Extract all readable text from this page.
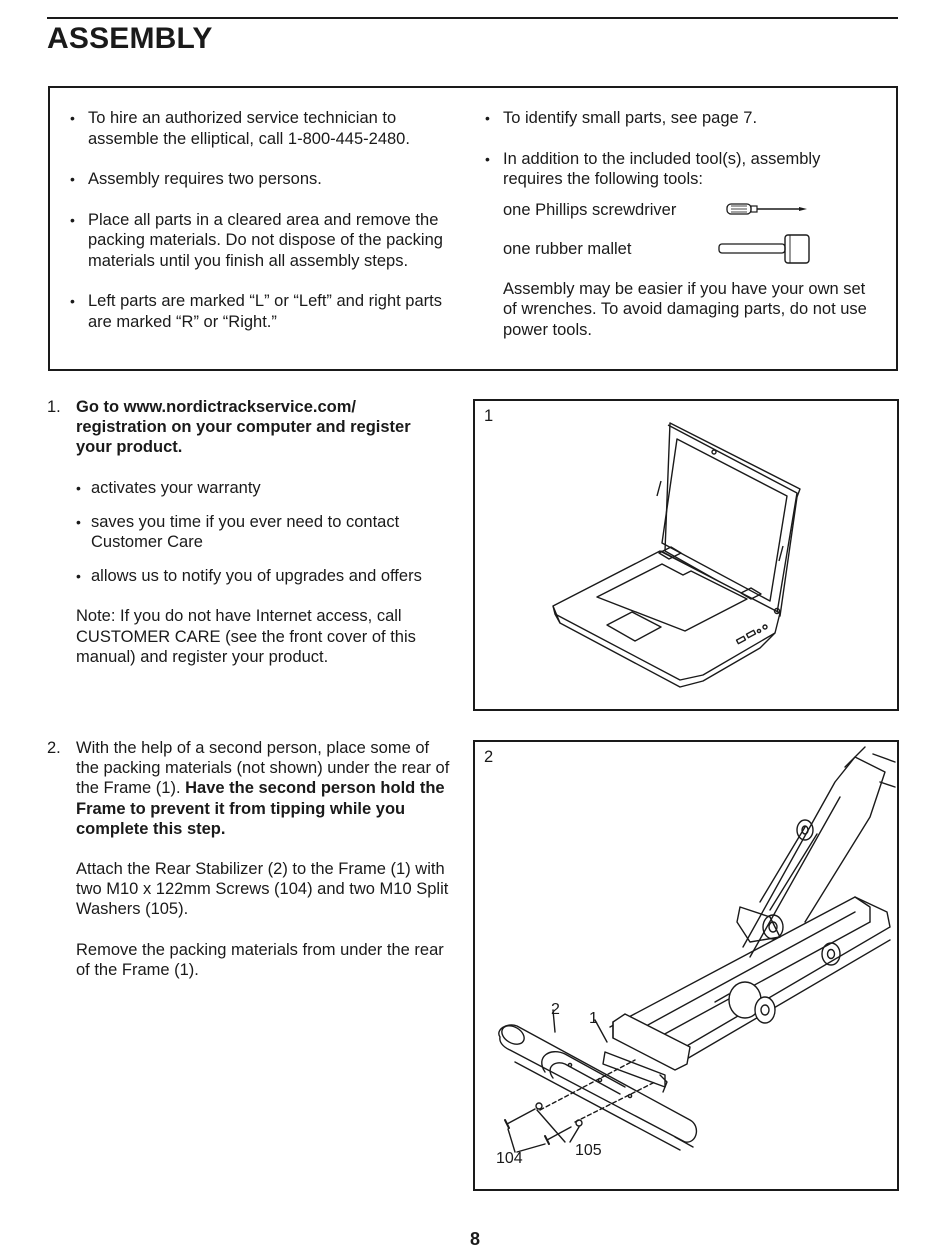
ASSEMBLY
• To hire an authorized service technician to assemble the elliptical, call 1-800-445-2480.
• Assembly requires two persons.
• Place all parts in a cleared area and remove the packing materials. Do not dispose of the packing materials until you finish all assembly steps.
• Left parts are marked “L” or “Left” and right parts are marked “R” or “Right.”
• To identify small parts, see page 7.
• In addition to the included tool(s), assembly requires the following tools:
one Phillips screwdriver
one rubber mallet

Assembly may be easier if you have your own set of wrenches. To avoid damaging parts, do not use power tools.

1. Go to www.nordictrackservice.com/ registration on your computer and register your product.

• activates your warranty
• saves you time if you ever need to contact Customer Care
• allows us to notify you of upgrades and offers

Note: If you do not have Internet access, call CUSTOMER CARE (see the front cover of this manual) and register your product.

1
2. With the help of a second person, place some of the packing materials (not shown) under the rear of the Frame (1). Have the second person hold the Frame to prevent it from tipping while you complete this step.

Attach the Rear Stabilizer (2) to the Frame (1) with two M10 x 122mm Screws (104) and two M10 Split Washers (105).

Remove the packing materials from under the rear of the Frame (1).

2
2
1
104	105
8
